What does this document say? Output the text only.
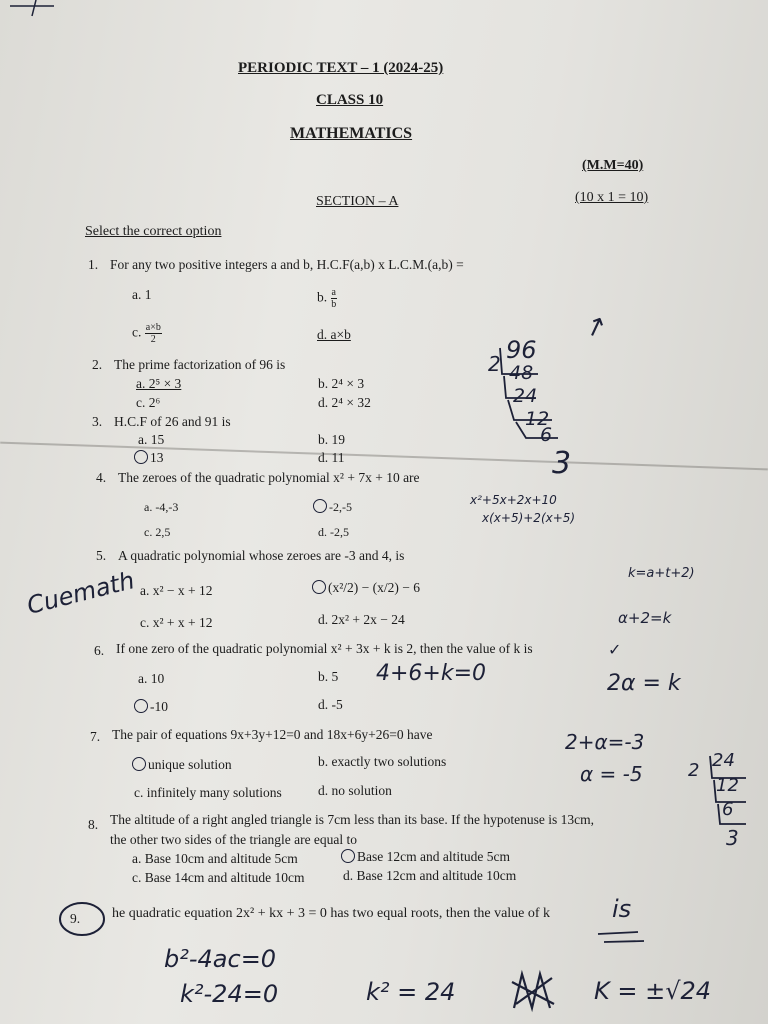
PERIODIC TEXT – 1 (2024-25)
CLASS 10
MATHEMATICS
(M.M=40)
SECTION – A	(10 x 1 = 10)
Select the correct option
1. For any two positive integers a and b, H.C.F(a,b) x L.C.M.(a,b) =
a. 1	b. $\frac{a}{b}$
c. $\frac{a\times b}{2}$	d. a×b
2. The prime factorization of 96 is
a. 2⁵ × 3	b. 2⁴ × 3
c. 2⁶	d. 2⁴ × 32
3. H.C.F of 26 and 91 is
a. 15	b. 19
13	d. 11
4. The zeroes of the quadratic polynomial x² + 7x + 10 are
a. -4,-3	-2,-5
c. 2,5	d. -2,5
5. A quadratic polynomial whose zeroes are -3 and 4, is
a. x² − x + 12	(x²/2) − (x/2) − 6
c. x² + x + 12	d. 2x² + 2x − 24
6. If one zero of the quadratic polynomial x² + 3x + k is 2, then the value of k is
a. 10	b. 5
-10	d. -5
7. The pair of equations 9x+3y+12=0 and 18x+6y+26=0 have
unique solution	b. exactly two solutions
c. infinitely many solutions	d. no solution
8. The altitude of a right angled triangle is 7cm less than its base. If the hypotenuse is 13cm,
the other two sides of the triangle are equal to
a. Base 10cm and altitude 5cm	Base 12cm and altitude 5cm
c. Base 14cm and altitude 10cm	d. Base 12cm and altitude 10cm
9. he quadratic equation 2x² + kx + 3 = 0 has two equal roots, then the value of k
↗
2 96
48
24
12
6
3
x²+5x+2x+10
x(x+5)+2(x+5)
Cuemath	k=a+t+2)
α+2=k
4+6+k=0
✓
2α = k
2+α=-3
α = -5	2 24
12
6
3
is
b²-4ac=0
k²-24=0	k² = 24	K = ±√24
